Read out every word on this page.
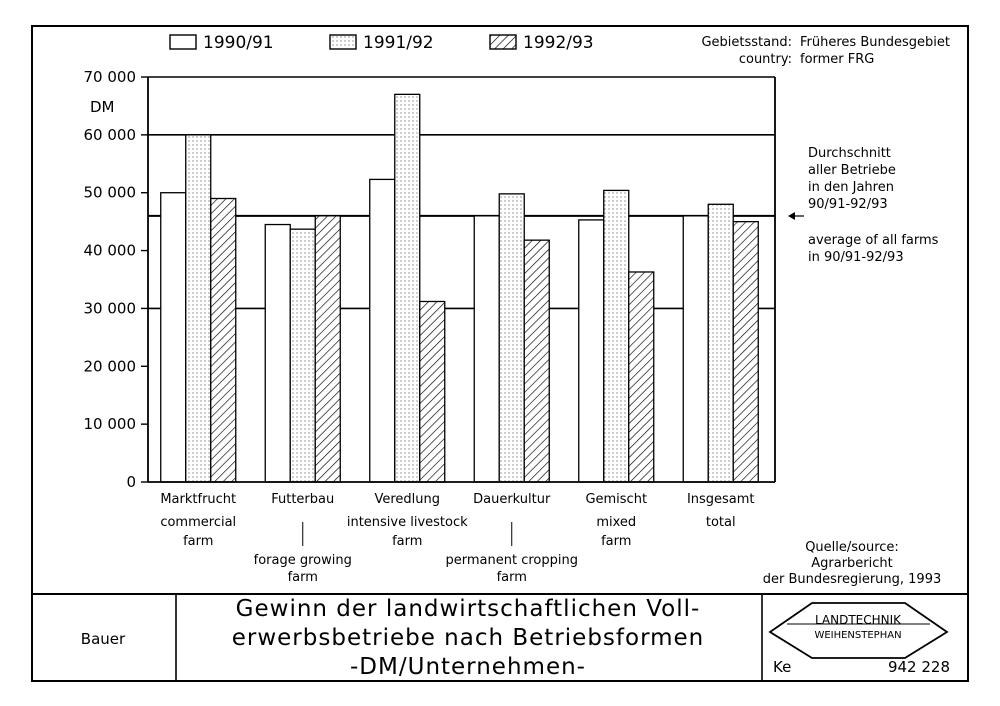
0
10 000
20 000
30 000
40 000
50 000
60 000
70 000
Marktfrucht
commercial
farm
Futterbau
forage growing
farm
Veredlung
intensive livestock
farm
Dauerkultur
permanent cropping
farm
Gemischt
mixed
farm
Insgesamt
total
1990/91	1991/92	1992/93	Gebietsstand: Früheres Bundesgebiet
country: former FRG
DM
Durchschnitt
aller Betriebe
in den Jahren
90/91-92/93
average of all farms
in 90/91-92/93
Quelle/source:
Agrarbericht
der Bundesregierung, 1993
Bauer
Gewinn der landwirtschaftlichen Voll-
erwerbsbetriebe nach Betriebsformen
-DM/Unternehmen-
LANDTECHNIK
WEIHENSTEPHAN
Ke	942 228
